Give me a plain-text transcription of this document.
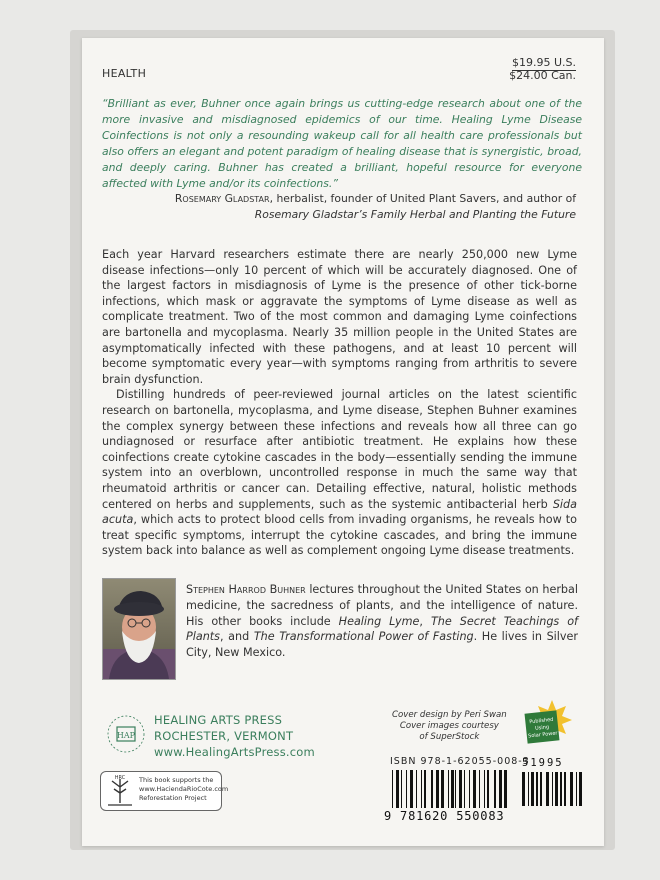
HEALTH
$19.95 U.S.
$24.00 Can.

“Brilliant as ever, Buhner once again brings us cutting-edge research about one of the more invasive and misdiagnosed epidemics of our time. Healing Lyme Disease Coinfections is not only a resounding wakeup call for all health care professionals but also offers an elegant and potent paradigm of healing disease that is synergistic, broad, and deeply caring. Buhner has created a brilliant, hopeful resource for everyone affected with Lyme and/or its coinfections.”

Rosemary Gladstar, herbalist, founder of United Plant Savers, and author of
Rosemary Gladstar’s Family Herbal and Planting the Future

Each year Harvard researchers estimate there are nearly 250,000 new Lyme disease infections—only 10 percent of which will be accurately diagnosed. One of the largest factors in misdiagnosis of Lyme is the presence of other tick-borne infections, which mask or aggravate the symptoms of Lyme disease as well as complicate treatment. Two of the most common and damaging Lyme coinfections are bartonella and mycoplasma. Nearly 35 million people in the United States are asymptomatically infected with these pathogens, and at least 10 percent will become symptomatic every year—with symptoms ranging from arthritis to severe brain dysfunction.

Distilling hundreds of peer-reviewed journal articles on the latest scientific research on bartonella, mycoplasma, and Lyme disease, Stephen Buhner examines the complex synergy between these infections and reveals how all three can go undiagnosed or resurface after antibiotic treatment. He explains how these coinfections create cytokine cascades in the body—essentially sending the immune system into an overblown, uncontrolled response in much the same way that rheumatoid arthritis or cancer can. Detailing effective, natural, holistic methods centered on herbs and supplements, such as the systemic antibacterial herb Sida acuta, which acts to protect blood cells from invading organisms, he reveals how to treat specific symptoms, interrupt the cytokine cascades, and bring the immune system back into balance as well as complement ongoing Lyme disease treatments.

Stephen Harrod Buhner lectures throughout the United States on herbal medicine, the sacredness of plants, and the intelligence of nature. His other books include Healing Lyme, The Secret Teachings of Plants, and The Transformational Power of Fasting. He lives in Silver City, New Mexico.
HAP
HEALING ARTS PRESS
ROCHESTER, VERMONT
www.HealingArtsPress.com
HRC This book supports the
www.HaciendaRioCote.com
Reforestation Project
Cover design by Peri Swan
Cover images courtesy
of SuperStock
Published
Using
Solar Power
ISBN 978-1-62055-008-3
9 781620 550083
51995
